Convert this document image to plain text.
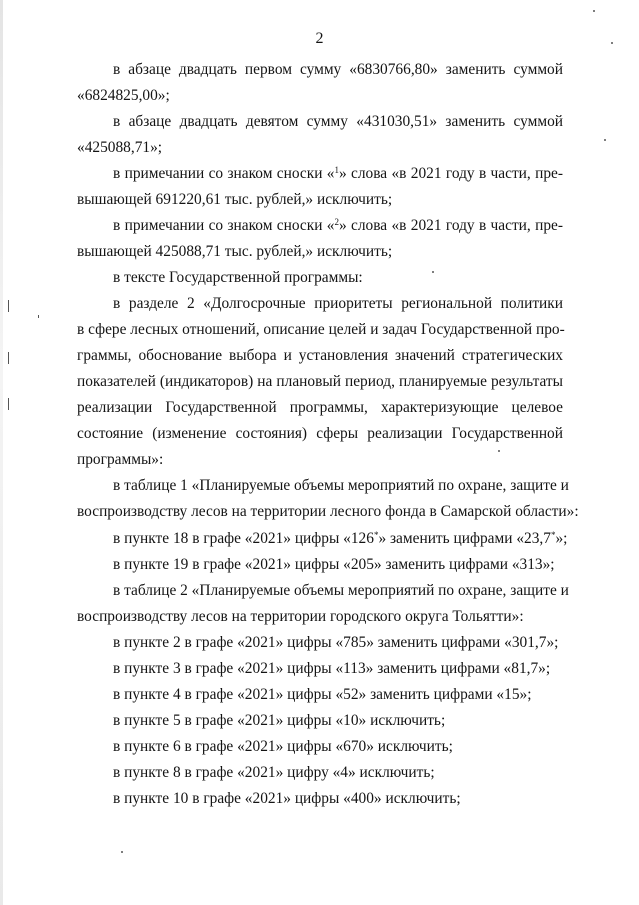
2
в абзаце двадцать первом сумму «6830766,80» заменить суммой
«6824825,00»;
в абзаце двадцать девятом сумму «431030,51» заменить суммой
«425088,71»;
в примечании со знаком сноски «$^1$» слова «в 2021 году в части, пре-
вышающей 691220,61 тыс. рублей,» исключить;
в примечании со знаком сноски «$^2$» слова «в 2021 году в части, пре-
вышающей 425088,71 тыс. рублей,» исключить;
в тексте Государственной программы:
в разделе 2 «Долгосрочные приоритеты региональной политики
в сфере лесных отношений, описание целей и задач Государственной про-
граммы, обоснование выбора и установления значений стратегических
показателей (индикаторов) на плановый период, планируемые результаты
реализации Государственной программы, характеризующие целевое
состояние (изменение состояния) сферы реализации Государственной
программы»:
в таблице 1 «Планируемые объемы мероприятий по охране, защите и
воспроизводству лесов на территории лесного фонда в Самарской области»:
в пункте 18 в графе «2021» цифры «126*» заменить цифрами «23,7*»;
в пункте 19 в графе «2021» цифры «205» заменить цифрами «313»;
в таблице 2 «Планируемые объемы мероприятий по охране, защите и
воспроизводству лесов на территории городского округа Тольятти»:
в пункте 2 в графе «2021» цифры «785» заменить цифрами «301,7»;
в пункте 3 в графе «2021» цифры «113» заменить цифрами «81,7»;
в пункте 4 в графе «2021» цифры «52» заменить цифрами «15»;
в пункте 5 в графе «2021» цифры «10» исключить;
в пункте 6 в графе «2021» цифры «670» исключить;
в пункте 8 в графе «2021» цифру «4» исключить;
в пункте 10 в графе «2021» цифры «400» исключить;
